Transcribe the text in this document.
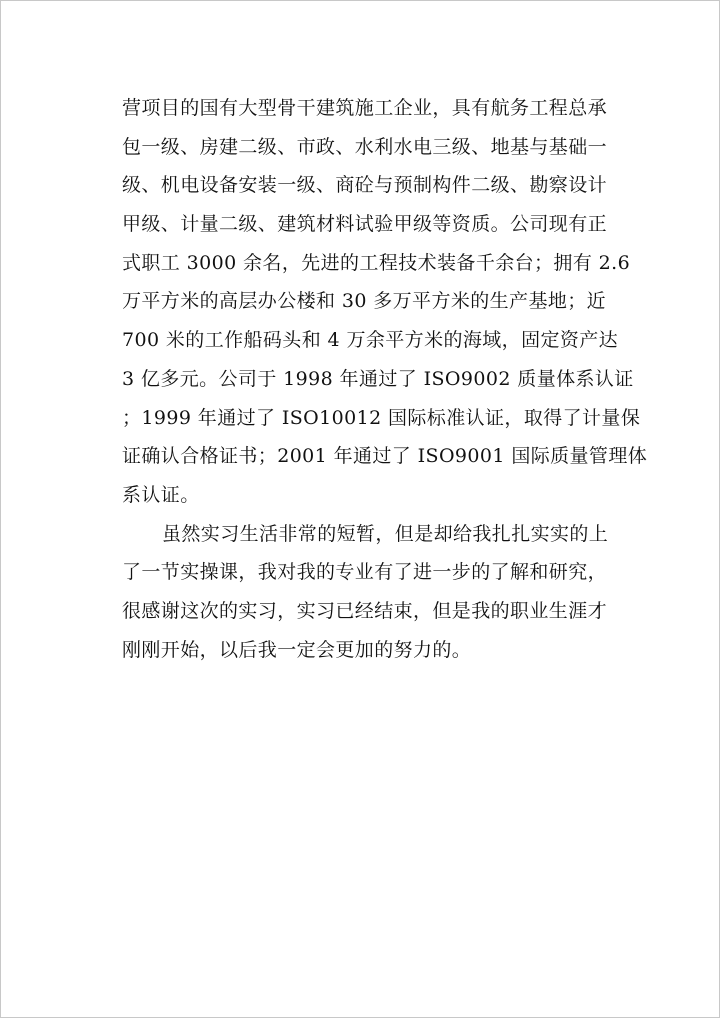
营项目的国有大型骨干建筑施工企业，具有航务工程总承
包一级、房建二级、市政、水利水电三级、地基与基础一
级、机电设备安装一级、商砼与预制构件二级、勘察设计
甲级、计量二级、建筑材料试验甲级等资质。公司现有正
式职工 3000 余名，先进的工程技术装备千余台；拥有 2.6
万平方米的高层办公楼和 30 多万平方米的生产基地；近
700 米的工作船码头和 4 万余平方米的海域，固定资产达
3 亿多元。公司于 1998 年通过了 ISO9002 质量体系认证
；1999 年通过了 ISO10012 国际标准认证，取得了计量保
证确认合格证书；2001 年通过了 ISO9001 国际质量管理体
系认证。
虽然实习生活非常的短暂，但是却给我扎扎实实的上
了一节实操课，我对我的专业有了进一步的了解和研究，
很感谢这次的实习，实习已经结束，但是我的职业生涯才
刚刚开始，以后我一定会更加的努力的。
